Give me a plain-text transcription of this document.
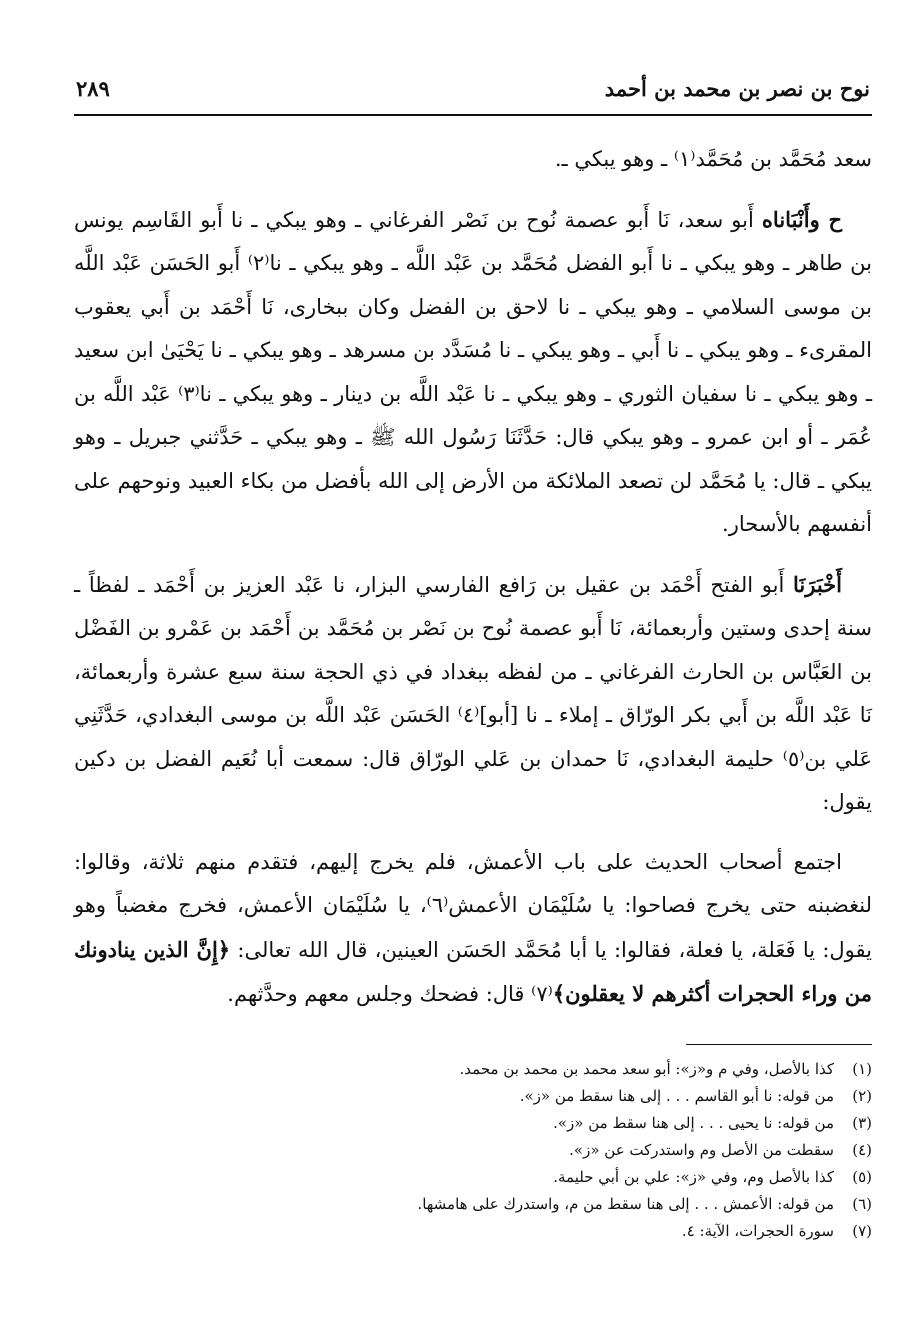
نوح بن نصر بن محمد بن أحمد
٢٨٩

سعد مُحَمَّد بن مُحَمَّد⁽١⁾ ـ وهو يبكي ـ.

ح وأَنْبَاناه أَبو سعد، نَا أَبو عصمة نُوح بن نَصْر الفرغاني ـ وهو يبكي ـ نا أَبو القَاسِم يونس بن طاهر ـ وهو يبكي ـ نا أَبو الفضل مُحَمَّد بن عَبْد اللَّه ـ وهو يبكي ـ نا⁽٢⁾ أَبو الحَسَن عَبْد اللَّه بن موسى السلامي ـ وهو يبكي ـ نا لاحق بن الفضل وكان ببخارى، نَا أَحْمَد بن أَبي يعقوب المقرىء ـ وهو يبكي ـ نا أَبي ـ وهو يبكي ـ نا مُسَدَّد بن مسرهد ـ وهو يبكي ـ نا يَحْيَىٰ ابن سعيد ـ وهو يبكي ـ نا سفيان الثوري ـ وهو يبكي ـ نا عَبْد اللَّه بن دينار ـ وهو يبكي ـ نا⁽٣⁾ عَبْد اللَّه بن عُمَر ـ أو ابن عمرو ـ وهو يبكي قال: حَدَّثَنَا رَسُول الله ﷺ ـ وهو يبكي ـ حَدَّثني جبريل ـ وهو يبكي ـ قال: يا مُحَمَّد لن تصعد الملائكة من الأرض إلى الله بأفضل من بكاء العبيد ونوحهم على أنفسهم بالأسحار.

أَخْبَرَنَا أَبو الفتح أَحْمَد بن عقيل بن رَافع الفارسي البزار، نا عَبْد العزيز بن أَحْمَد ـ لفظاً ـ سنة إحدى وستين وأربعمائة، نَا أَبو عصمة نُوح بن نَصْر بن مُحَمَّد بن أَحْمَد بن عَمْرو بن الفَضْل بن العَبَّاس بن الحارث الفرغاني ـ من لفظه ببغداد في ذي الحجة سنة سبع عشرة وأربعمائة، نَا عَبْد اللَّه بن أَبي بكر الورّاق ـ إملاء ـ نا [أبو]⁽٤⁾ الحَسَن عَبْد اللَّه بن موسى البغدادي، حَدَّثَنِي عَلي بن⁽٥⁾ حليمة البغدادي، نَا حمدان بن عَلي الورّاق قال: سمعت أبا نُعَيم الفضل بن دكين يقول:

اجتمع أصحاب الحديث على باب الأعمش، فلم يخرج إليهم، فتقدم منهم ثلاثة، وقالوا: لنغضبنه حتى يخرج فصاحوا: يا سُلَيْمَان الأعمش⁽٦⁾، يا سُلَيْمَان الأعمش، فخرج مغضباً وهو يقول: يا فَعَلة، يا فعلة، فقالوا: يا أبا مُحَمَّد الحَسَن العينين، قال الله تعالى: ﴿إِنَّ الذين ينادونك من وراء الحجرات أكثرهم لا يعقلون﴾⁽٧⁾ قال: فضحك وجلس معهم وحدَّثهم.

(١)
كذا بالأصل، وفي م و«ز»: أبو سعد محمد بن محمد بن محمد.
(٢)
من قوله: نا أبو القاسم . . . إلى هنا سقط من «ز».
(٣)
من قوله: نا يحيى . . . إلى هنا سقط من «ز».
(٤)
سقطت من الأصل وم واستدركت عن «ز».
(٥)
كذا بالأصل وم، وفي «ز»: علي بن أبي حليمة.
(٦)
من قوله: الأعمش . . . إلى هنا سقط من م، واستدرك على هامشها.
(٧)
سورة الحجرات، الآية: ٤.
